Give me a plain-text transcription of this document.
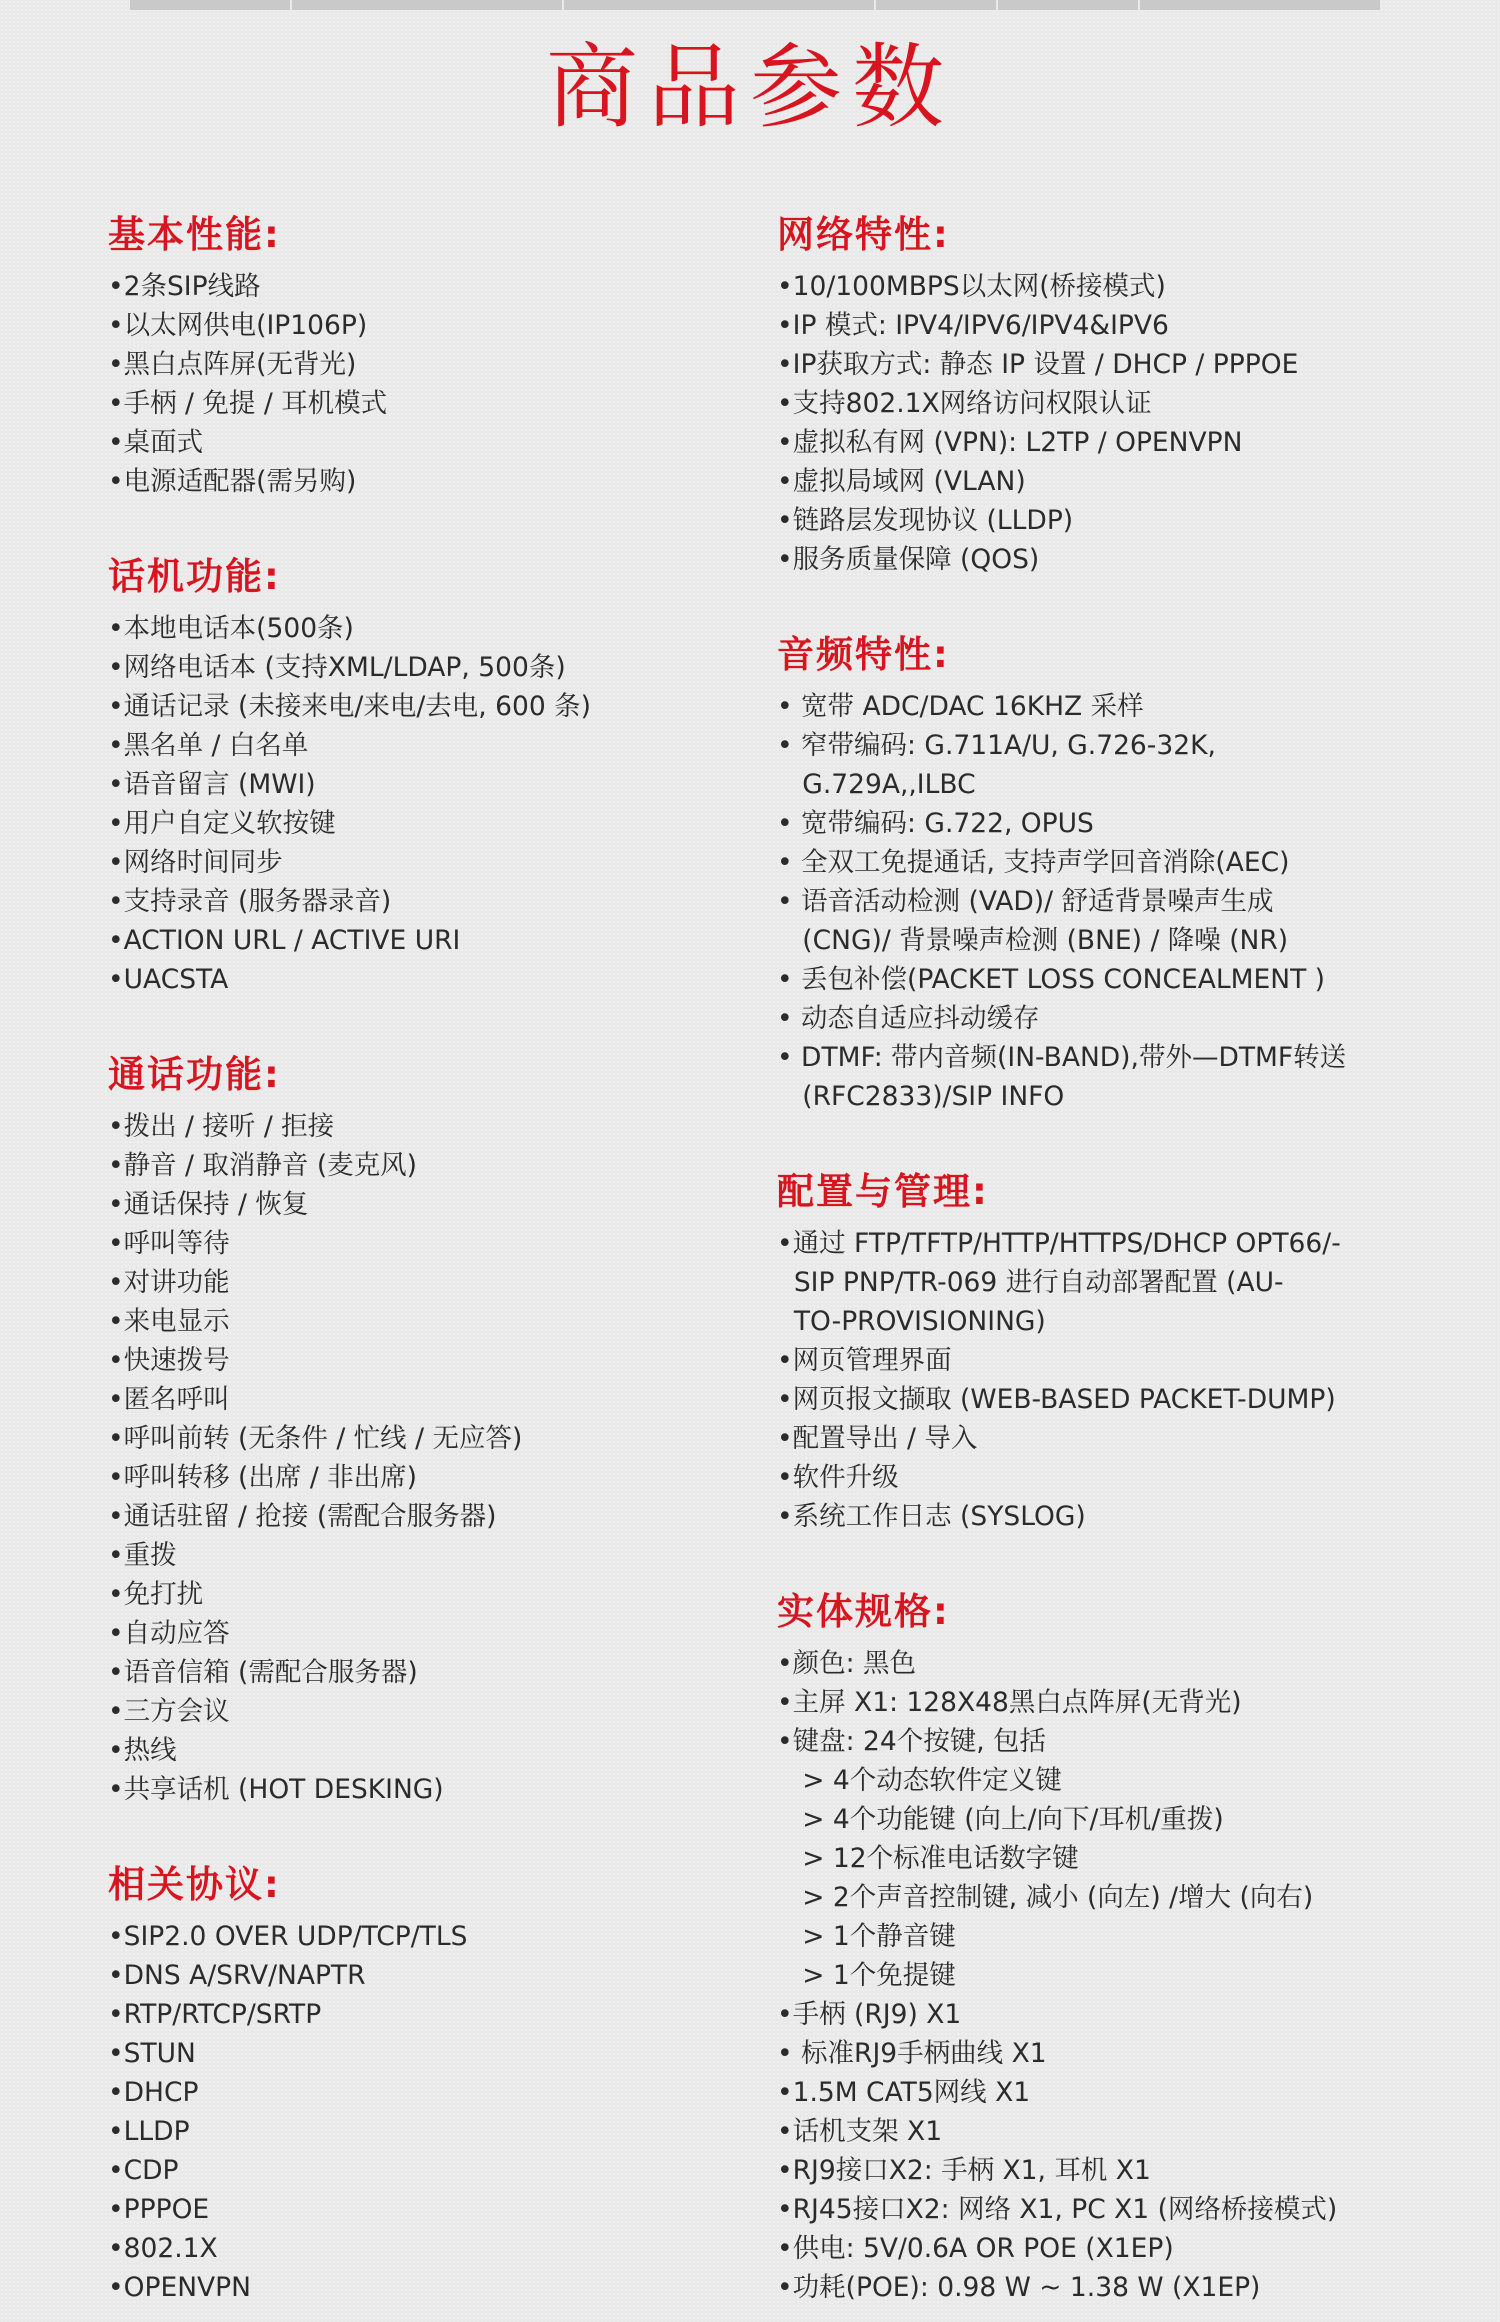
商品参数
基本性能:
•2条SIP线路
•以太网供电(IP106P)
•黑白点阵屏(无背光)
•手柄 / 免提 / 耳机模式
•桌面式
•电源适配器(需另购)
话机功能:
•本地电话本(500条)
•网络电话本 (支持XML/LDAP, 500条)
•通话记录 (未接来电/来电/去电, 600 条)
•黑名单 / 白名单
•语音留言 (MWI)
•用户自定义软按键
•网络时间同步
•支持录音 (服务器录音)
•ACTION URL / ACTIVE URI
•UACSTA
通话功能:
•拨出 / 接听 / 拒接
•静音 / 取消静音 (麦克风)
•通话保持 / 恢复
•呼叫等待
•对讲功能
•来电显示
•快速拨号
•匿名呼叫
•呼叫前转 (无条件 / 忙线 / 无应答)
•呼叫转移 (出席 / 非出席)
•通话驻留 / 抢接 (需配合服务器)
•重拨
•免打扰
•自动应答
•语音信箱 (需配合服务器)
•三方会议
•热线
•共享话机 (HOT DESKING)
相关协议:
•SIP2.0 OVER UDP/TCP/TLS
•DNS A/SRV/NAPTR
•RTP/RTCP/SRTP
•STUN
•DHCP
•LLDP
•CDP
•PPPOE
•802.1X
•OPENVPN
网络特性:
•10/100MBPS以太网(桥接模式)
•IP 模式: IPV4/IPV6/IPV4&IPV6
•IP获取方式: 静态 IP 设置 / DHCP / PPPOE
•支持802.1X网络访问权限认证
•虚拟私有网 (VPN): L2TP / OPENVPN
•虚拟局域网 (VLAN)
•链路层发现协议 (LLDP)
•服务质量保障 (QOS)
音频特性:
• 宽带 ADC/DAC 16KHZ 采样
• 窄带编码: G.711A/U, G.726-32K,
G.729A,,ILBC
• 宽带编码: G.722, OPUS
• 全双工免提通话, 支持声学回音消除(AEC)
• 语音活动检测 (VAD)/ 舒适背景噪声生成
(CNG)/ 背景噪声检测 (BNE) / 降噪 (NR)
• 丢包补偿(PACKET LOSS CONCEALMENT )
• 动态自适应抖动缓存
• DTMF: 带内音频(IN-BAND),带外—DTMF转送
(RFC2833)/SIP INFO
配置与管理:
•通过 FTP/TFTP/HTTP/HTTPS/DHCP OPT66/-
SIP PNP/TR-069 进行自动部署配置 (AU-
TO-PROVISIONING)
•网页管理界面
•网页报文撷取 (WEB-BASED PACKET-DUMP)
•配置导出 / 导入
•软件升级
•系统工作日志 (SYSLOG)
实体规格:
•颜色: 黑色
•主屏 X1: 128X48黑白点阵屏(无背光)
•键盘: 24个按键, 包括
> 4个动态软件定义键
> 4个功能键 (向上/向下/耳机/重拨)
> 12个标准电话数字键
> 2个声音控制键, 减小 (向左) /增大 (向右)
> 1个静音键
> 1个免提键
•手柄 (RJ9) X1
• 标准RJ9手柄曲线 X1
•1.5M CAT5网线 X1
•话机支架 X1
•RJ9接口X2: 手柄 X1, 耳机 X1
•RJ45接口X2: 网络 X1, PC X1 (网络桥接模式)
•供电: 5V/0.6A OR POE (X1EP)
•功耗(POE): 0.98 W ~ 1.38 W (X1EP)
